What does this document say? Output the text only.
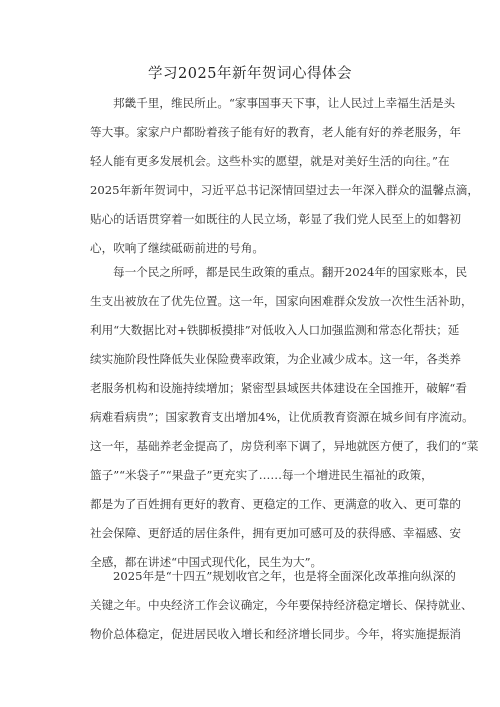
学习2025年新年贺词心得体会
邦畿千里，维民所止。“家事国事天下事，让人民过上幸福生活是头
等大事。家家户户都盼着孩子能有好的教育，老人能有好的养老服务，年
轻人能有更多发展机会。这些朴实的愿望，就是对美好生活的向往。”在
2025年新年贺词中，习近平总书记深情回望过去一年深入群众的温馨点滴，
贴心的话语贯穿着一如既往的人民立场，彰显了我们党人民至上的如磐初
心，吹响了继续砥砺前进的号角。
每一个民之所呼，都是民生政策的重点。翻开2024年的国家账本，民
生支出被放在了优先位置。这一年，国家向困难群众发放一次性生活补助，
利用“大数据比对+铁脚板摸排”对低收入人口加强监测和常态化帮扶；延
续实施阶段性降低失业保险费率政策，为企业减少成本。这一年，各类养
老服务机构和设施持续增加；紧密型县域医共体建设在全国推开，破解“看
病难看病贵”；国家教育支出增加4%，让优质教育资源在城乡间有序流动。
这一年，基础养老金提高了，房贷利率下调了，异地就医方便了，我们的“菜
篮子”“米袋子”“果盘子”更充实了……每一个增进民生福祉的政策，
都是为了百姓拥有更好的教育、更稳定的工作、更满意的收入、更可靠的
社会保障、更舒适的居住条件，拥有更加可感可及的获得感、幸福感、安
全感，都在讲述“中国式现代化，民生为大”。
2025年是“十四五”规划收官之年，也是将全面深化改革推向纵深的
关键之年。中央经济工作会议确定，今年要保持经济稳定增长、保持就业、
物价总体稳定，促进居民收入增长和经济增长同步。今年，将实施提振消
